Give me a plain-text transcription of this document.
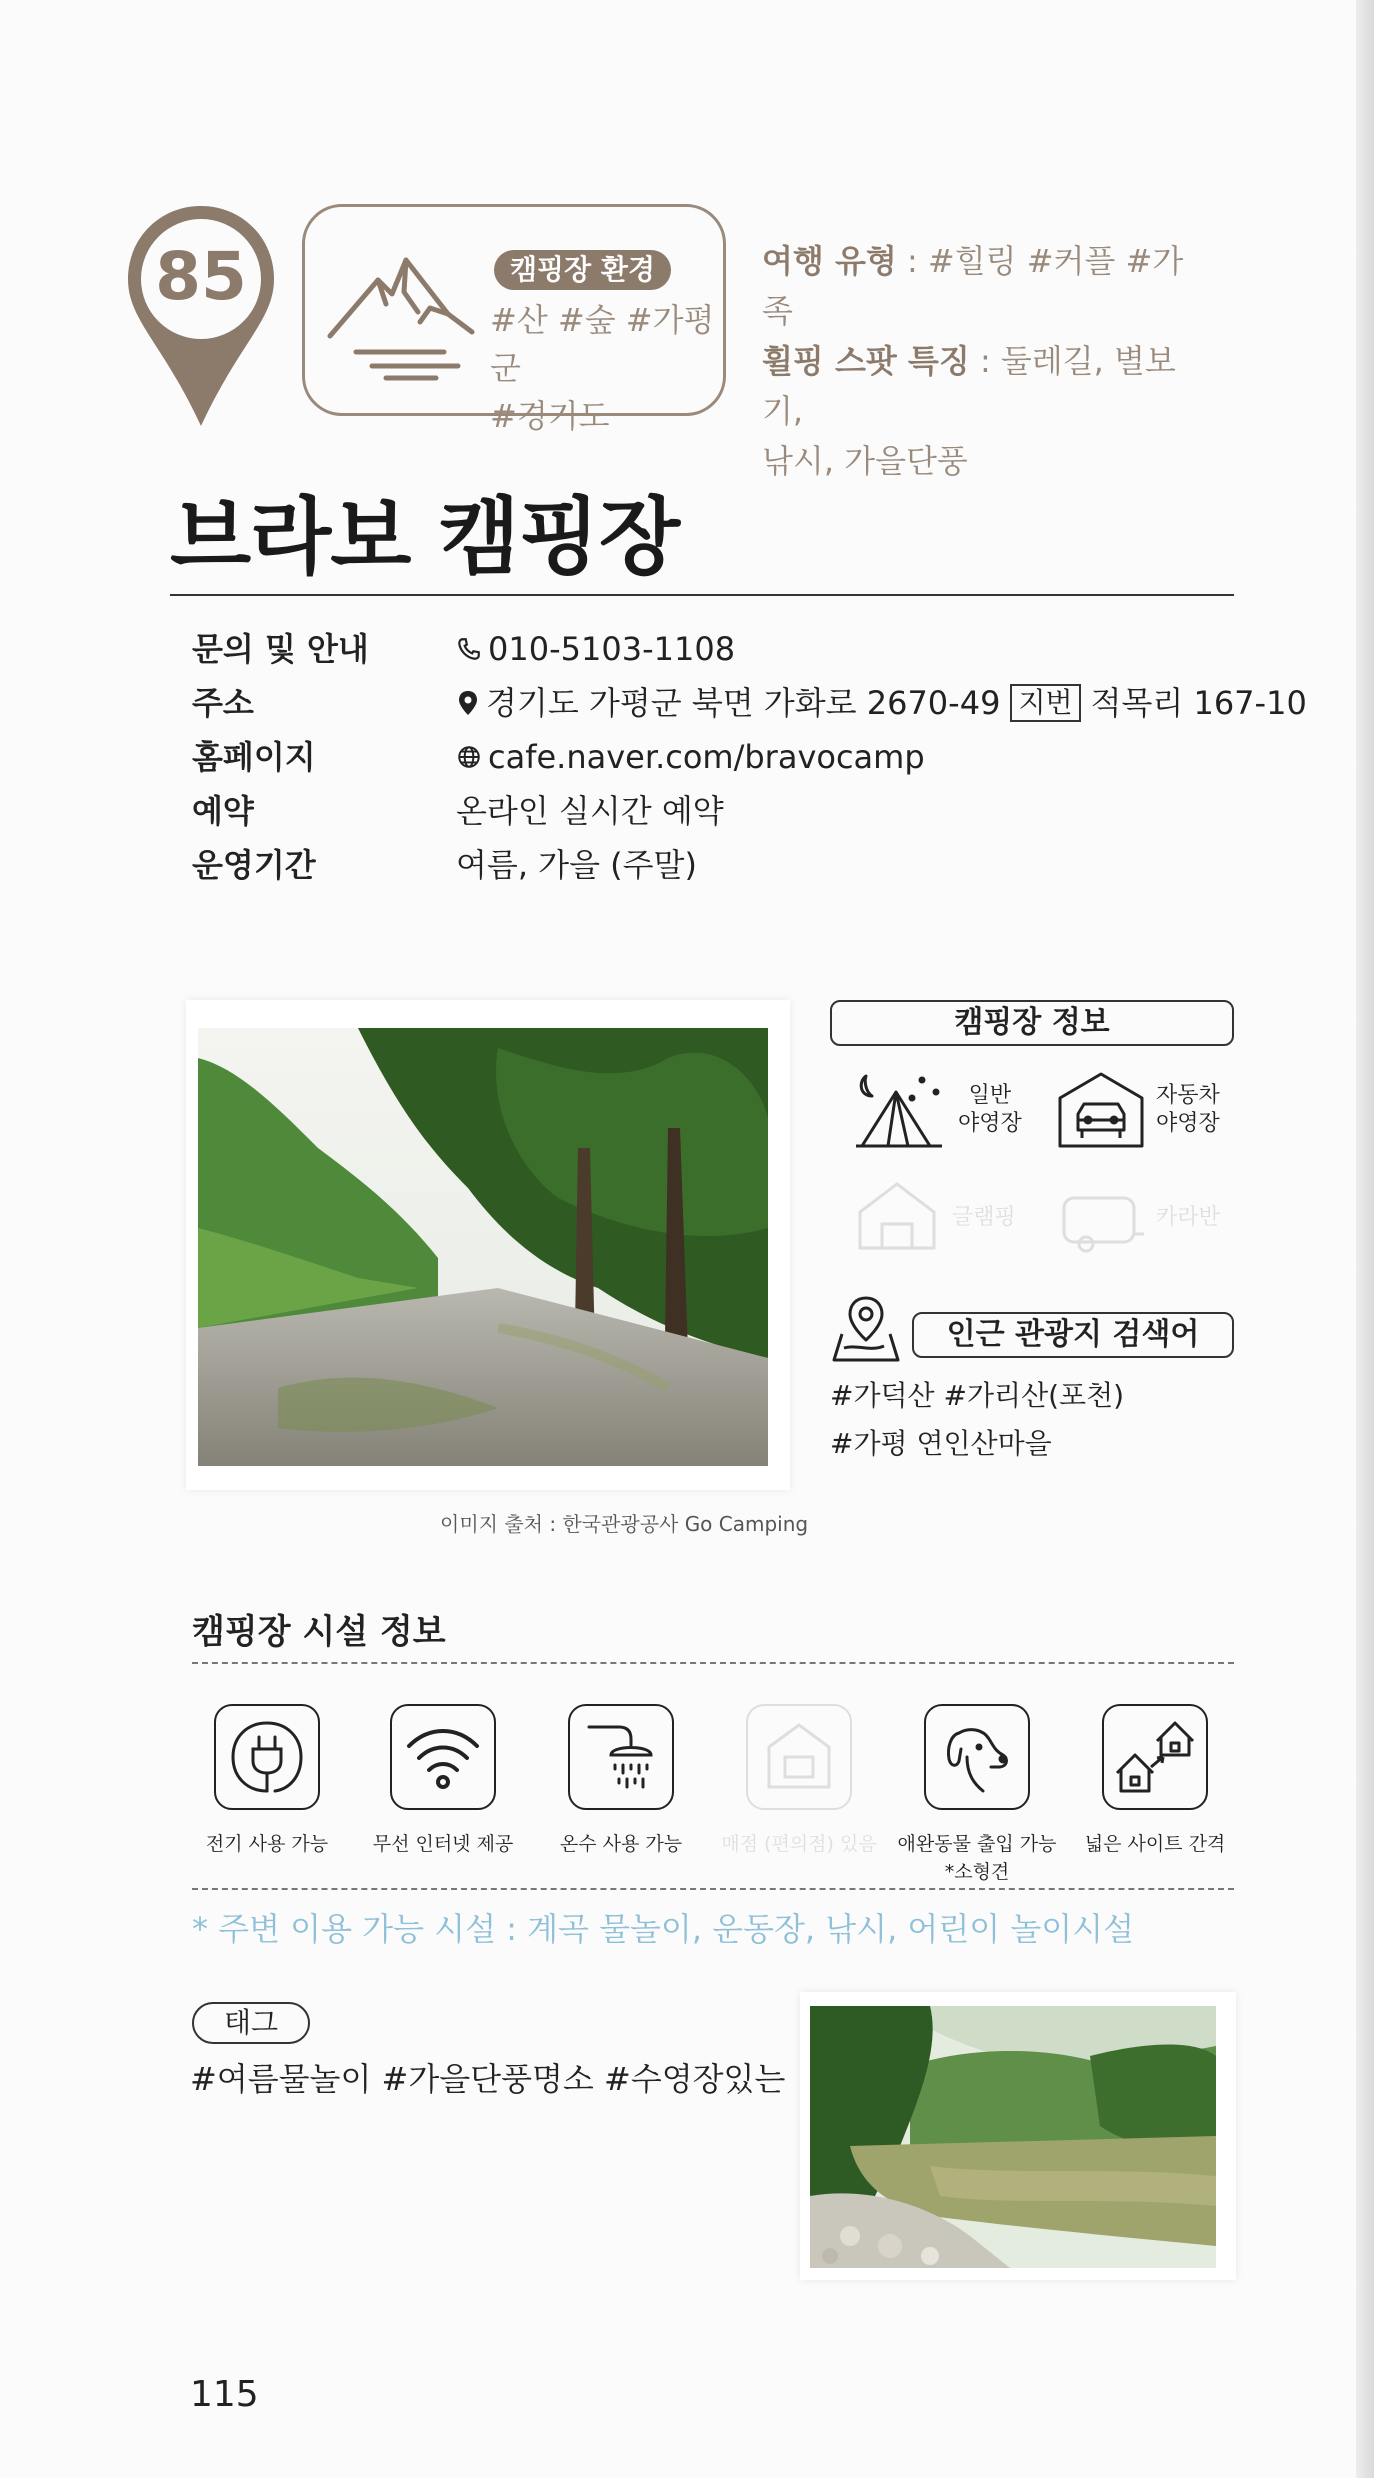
85	캠핑장 환경
#산 #숲 #가평군
#경기도
여행 유형 : #힐링 #커플 #가족
휠핑 스팟 특징 : 둘레길, 별보기,
낚시, 가을단풍
브라보 캠핑장
문의 및 안내	010-5103-1108
주소	경기도 가평군 북면 가화로 2670-49 지번 적목리 167-10
홈페이지	cafe.naver.com/bravocamp
예약	온라인 실시간 예약
운영기간	여름, 가을 (주말)
이미지 출처 : 한국관광공사 Go Camping
캠핑장 정보
일반
야영장
자동차
야영장
글램핑	카라반
인근 관광지 검색어
#가덕산 #가리산(포천)
#가평 연인산마을
캠핑장 시설 정보
전기 사용 가능	무선 인터넷 제공	온수 사용 가능	매점 (편의점) 있음	애완동물 출입 가능
*소형견
넓은 사이트 간격
* 주변 이용 가능 시설 : 계곡 물놀이, 운동장, 낚시, 어린이 놀이시설
태그
#여름물놀이 #가을단풍명소 #수영장있는
115
